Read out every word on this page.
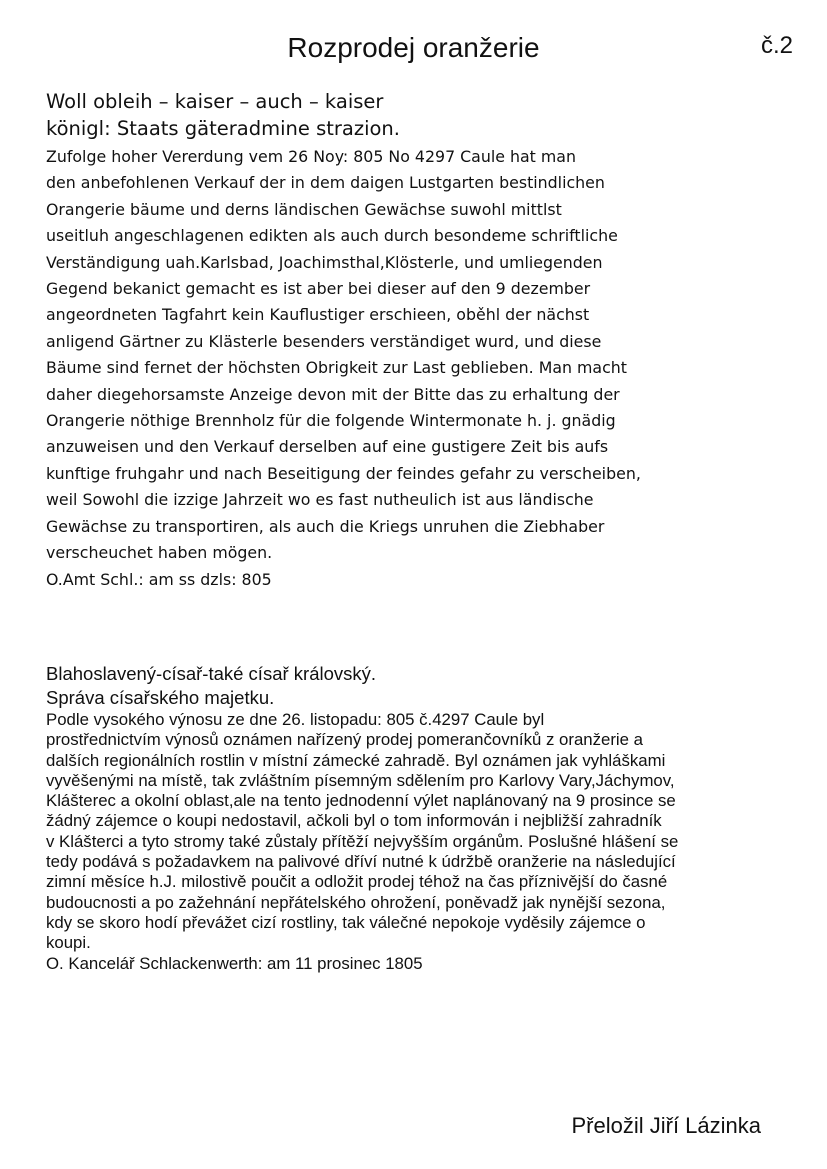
Rozprodej oranžerie	č.2
Woll obleih – kaiser – auch – kaiser
königl: Staats gäteradmine strazion.
Zufolge hoher Vererdung vem 26 Noy: 805 No 4297 Caule hat man
den anbefohlenen Verkauf der in dem daigen Lustgarten bestindlichen
Orangerie bäume und derns ländischen Gewächse suwohl mittlst
useitluh angeschlagenen edikten als auch durch besondeme schriftliche
Verständigung uah.Karlsbad, Joachimsthal,Klösterle, und umliegenden
Gegend bekanict gemacht es ist aber bei dieser auf den 9 dezember
angeordneten Tagfahrt kein Kauflustiger erschieen, oběhl der nächst
anligend Gärtner zu Klästerle besenders verständiget wurd, und diese
Bäume sind fernet der höchsten Obrigkeit zur Last geblieben. Man macht
daher diegehorsamste Anzeige devon mit der Bitte das zu erhaltung der
Orangerie nöthige Brennholz für die folgende Wintermonate h. j. gnädig
anzuweisen und den Verkauf derselben auf eine gustigere Zeit bis aufs
kunftige fruhgahr und nach Beseitigung der feindes gefahr zu verscheiben,
weil Sowohl die izzige Jahrzeit wo es fast nutheulich ist aus ländische
Gewächse zu transportiren, als auch die Kriegs unruhen die Ziebhaber
verscheuchet haben mögen.
O.Amt Schl.: am ss dzls: 805
Blahoslavený-císař-také císař královský.
Správa císařského majetku.
Podle vysokého výnosu ze dne 26. listopadu: 805 č.4297 Caule byl
prostřednictvím výnosů oznámen nařízený prodej pomerančovníků z oranžerie a
dalších regionálních rostlin v místní zámecké zahradě. Byl oznámen jak vyhláškami
vyvěšenými na místě, tak zvláštním písemným sdělením pro Karlovy Vary,Jáchymov,
Klášterec a okolní oblast,ale na tento jednodenní výlet naplánovaný na 9 prosince se
žádný zájemce o koupi nedostavil, ačkoli byl o tom informován i nejbližší zahradník
v Klášterci a tyto stromy také zůstaly přítěží nejvyšším orgánům. Poslušné hlášení se
tedy podává s požadavkem na palivové dříví nutné k údržbě oranžerie na následující
zimní měsíce h.J. milostivě poučit a odložit prodej téhož na čas příznivější do časné
budoucnosti a po zažehnání nepřátelského ohrožení, poněvadž jak nynější sezona,
kdy se skoro hodí převážet cizí rostliny, tak válečné nepokoje vyděsily zájemce o
koupi.
O. Kancelář Schlackenwerth: am 11 prosinec 1805
Přeložil Jiří Lázinka
